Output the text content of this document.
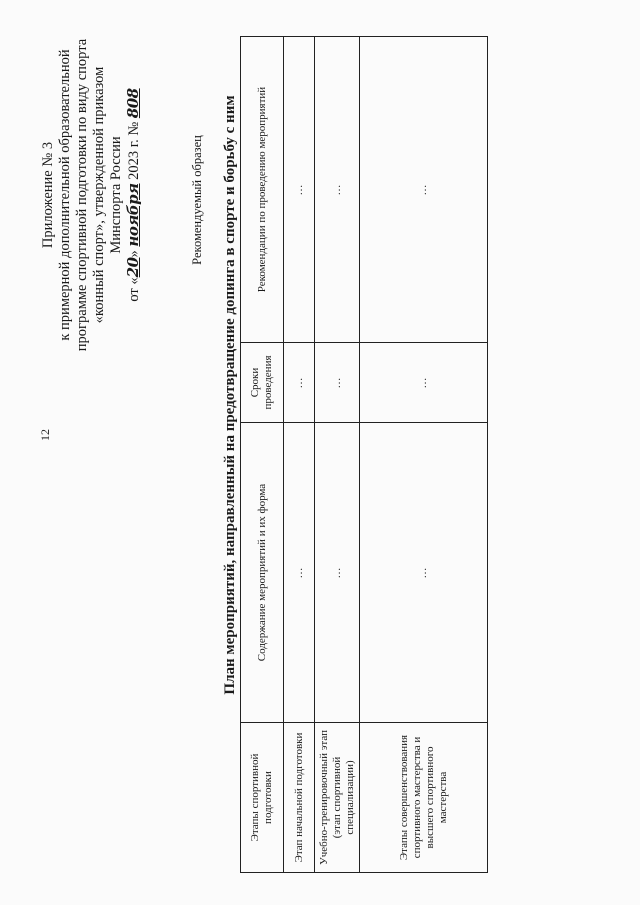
12
Приложение № 3 к примерной дополнительной образовательной программе спортивной подготовки по виду спорта «конный спорт», утвержденной приказом Минспорта России
от «20» ноября 2023 г. № 808
Рекомендуемый образец План мероприятий, направленный на предотвращение допинга в спорте и борьбу с ним
Этапы спортивной подготовки	Содержание мероприятий и их форма	Сроки проведения	Рекомендации по проведению мероприятий
Этап начальной подготовки	…	…	…
Учебно-тренировочный этап (этап спортивной специализации)	…	…	…
Этапы совершенствования спортивного мастерства и высшего спортивного мастерства	…	…	…
